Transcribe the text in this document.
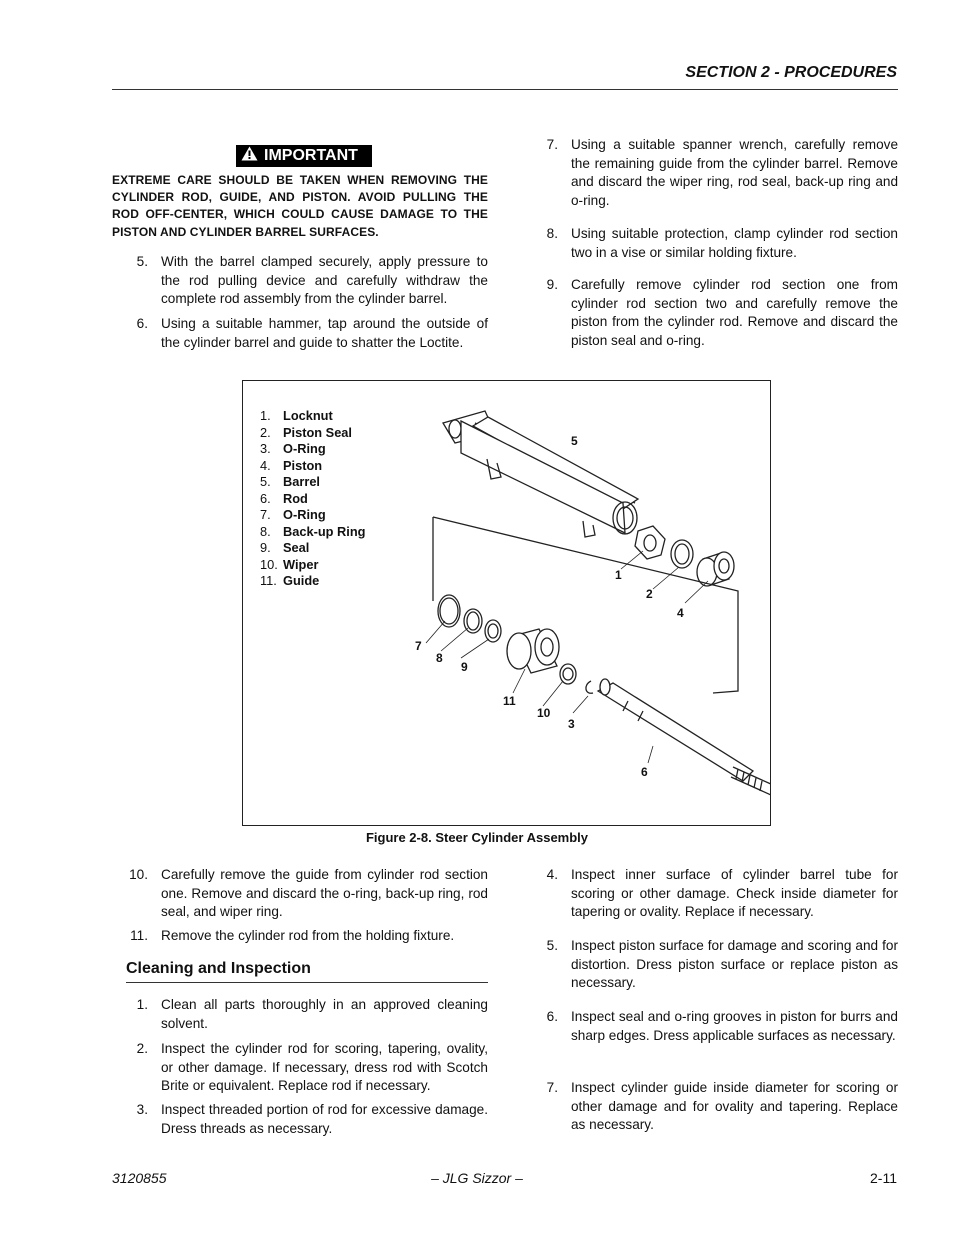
SECTION 2 - PROCEDURES
IMPORTANT
EXTREME CARE SHOULD BE TAKEN WHEN REMOVING THE CYLINDER ROD, GUIDE, AND PISTON. AVOID PULLING THE ROD OFF-CENTER, WHICH COULD CAUSE DAMAGE TO THE PISTON AND CYLINDER BARREL SURFACES.
5. With the barrel clamped securely, apply pressure to the rod pulling device and carefully withdraw the complete rod assembly from the cylinder barrel.
6. Using a suitable hammer, tap around the outside of the cylinder barrel and guide to shatter the Loctite.
7. Using a suitable spanner wrench, carefully remove the remaining guide from the cylinder barrel. Remove and discard the wiper ring, rod seal, back-up ring and o-ring.
8. Using suitable protection, clamp cylinder rod section two in a vise or similar holding fixture.
9. Carefully remove cylinder rod section one from cylinder rod section two and carefully remove the piston from the cylinder rod. Remove and discard the piston seal and o-ring.
1
2
3
4
5
6
7
8
9
10
11
1. Locknut
2. Piston Seal
3. O-Ring
4. Piston
5. Barrel
6. Rod
7. O-Ring
8. Back-up Ring
9. Seal
10. Wiper
11. Guide
Figure 2-8. Steer Cylinder Assembly
10. Carefully remove the guide from cylinder rod section one. Remove and discard the o-ring, back-up ring, rod seal, and wiper ring.
11. Remove the cylinder rod from the holding fixture.
Cleaning and Inspection
1. Clean all parts thoroughly in an approved cleaning solvent.
2. Inspect the cylinder rod for scoring, tapering, ovality, or other damage. If necessary, dress rod with Scotch Brite or equivalent. Replace rod if necessary.
3. Inspect threaded portion of rod for excessive damage. Dress threads as necessary.
4. Inspect inner surface of cylinder barrel tube for scoring or other damage. Check inside diameter for tapering or ovality. Replace if necessary.
5. Inspect piston surface for damage and scoring and for distortion. Dress piston surface or replace piston as necessary.
6. Inspect seal and o-ring grooves in piston for burrs and sharp edges. Dress applicable surfaces as necessary.
7. Inspect cylinder guide inside diameter for scoring or other damage and for ovality and tapering. Replace as necessary.
3120855	– JLG Sizzor –	2-11
